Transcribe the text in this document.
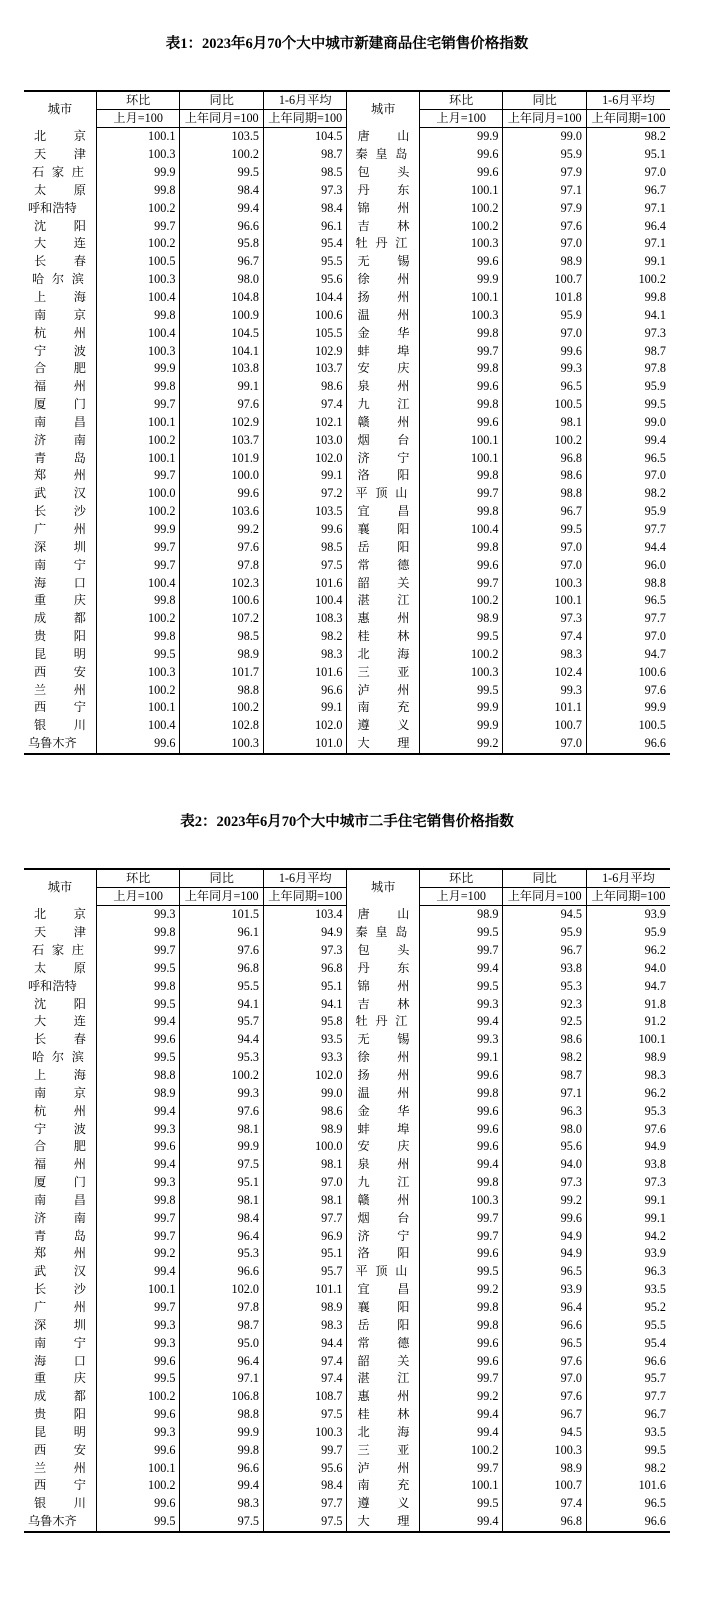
表1：2023年6月70个大中城市新建商品住宅销售价格指数
城市	环比	同比	1-6月平均	城市	环比	同比	1-6月平均
	上月=100	上年同月=100	上年同期=100		上月=100	上年同月=100	上年同期=100
北京	100.1	103.5	104.5	唐山	99.9	99.0	98.2
天津	100.3	100.2	98.7	秦皇岛	99.6	95.9	95.1
石家庄	99.9	99.5	98.5	包头	99.6	97.9	97.0
太原	99.8	98.4	97.3	丹东	100.1	97.1	96.7
呼和浩特	100.2	99.4	98.4	锦州	100.2	97.9	97.1
沈阳	99.7	96.6	96.1	吉林	100.2	97.6	96.4
大连	100.2	95.8	95.4	牡丹江	100.3	97.0	97.1
长春	100.5	96.7	95.5	无锡	99.6	98.9	99.1
哈尔滨	100.3	98.0	95.6	徐州	99.9	100.7	100.2
上海	100.4	104.8	104.4	扬州	100.1	101.8	99.8
南京	99.8	100.9	100.6	温州	100.3	95.9	94.1
杭州	100.4	104.5	105.5	金华	99.8	97.0	97.3
宁波	100.3	104.1	102.9	蚌埠	99.7	99.6	98.7
合肥	99.9	103.8	103.7	安庆	99.8	99.3	97.8
福州	99.8	99.1	98.6	泉州	99.6	96.5	95.9
厦门	99.7	97.6	97.4	九江	99.8	100.5	99.5
南昌	100.1	102.9	102.1	赣州	99.6	98.1	99.0
济南	100.2	103.7	103.0	烟台	100.1	100.2	99.4
青岛	100.1	101.9	102.0	济宁	100.1	96.8	96.5
郑州	99.7	100.0	99.1	洛阳	99.8	98.6	97.0
武汉	100.0	99.6	97.2	平顶山	99.7	98.8	98.2
长沙	100.2	103.6	103.5	宜昌	99.8	96.7	95.9
广州	99.9	99.2	99.6	襄阳	100.4	99.5	97.7
深圳	99.7	97.6	98.5	岳阳	99.8	97.0	94.4
南宁	99.7	97.8	97.5	常德	99.6	97.0	96.0
海口	100.4	102.3	101.6	韶关	99.7	100.3	98.8
重庆	99.8	100.6	100.4	湛江	100.2	100.1	96.5
成都	100.2	107.2	108.3	惠州	98.9	97.3	97.7
贵阳	99.8	98.5	98.2	桂林	99.5	97.4	97.0
昆明	99.5	98.9	98.3	北海	100.2	98.3	94.7
西安	100.3	101.7	101.6	三亚	100.3	102.4	100.6
兰州	100.2	98.8	96.6	泸州	99.5	99.3	97.6
西宁	100.1	100.2	99.1	南充	99.9	101.1	99.9
银川	100.4	102.8	102.0	遵义	99.9	100.7	100.5
乌鲁木齐	99.6	100.3	101.0	大理	99.2	97.0	96.6
表2：2023年6月70个大中城市二手住宅销售价格指数
城市	环比	同比	1-6月平均	城市	环比	同比	1-6月平均
	上月=100	上年同月=100	上年同期=100		上月=100	上年同月=100	上年同期=100
北京	99.3	101.5	103.4	唐山	98.9	94.5	93.9
天津	99.8	96.1	94.9	秦皇岛	99.5	95.9	95.9
石家庄	99.7	97.6	97.3	包头	99.7	96.7	96.2
太原	99.5	96.8	96.8	丹东	99.4	93.8	94.0
呼和浩特	99.8	95.5	95.1	锦州	99.5	95.3	94.7
沈阳	99.5	94.1	94.1	吉林	99.3	92.3	91.8
大连	99.4	95.7	95.8	牡丹江	99.4	92.5	91.2
长春	99.6	94.4	93.5	无锡	99.3	98.6	100.1
哈尔滨	99.5	95.3	93.3	徐州	99.1	98.2	98.9
上海	98.8	100.2	102.0	扬州	99.6	98.7	98.3
南京	98.9	99.3	99.0	温州	99.8	97.1	96.2
杭州	99.4	97.6	98.6	金华	99.6	96.3	95.3
宁波	99.3	98.1	98.9	蚌埠	99.6	98.0	97.6
合肥	99.6	99.9	100.0	安庆	99.6	95.6	94.9
福州	99.4	97.5	98.1	泉州	99.4	94.0	93.8
厦门	99.3	95.1	97.0	九江	99.8	97.3	97.3
南昌	99.8	98.1	98.1	赣州	100.3	99.2	99.1
济南	99.7	98.4	97.7	烟台	99.7	99.6	99.1
青岛	99.7	96.4	96.9	济宁	99.7	94.9	94.2
郑州	99.2	95.3	95.1	洛阳	99.6	94.9	93.9
武汉	99.4	96.6	95.7	平顶山	99.5	96.5	96.3
长沙	100.1	102.0	101.1	宜昌	99.2	93.9	93.5
广州	99.7	97.8	98.9	襄阳	99.8	96.4	95.2
深圳	99.3	98.7	98.3	岳阳	99.8	96.6	95.5
南宁	99.3	95.0	94.4	常德	99.6	96.5	95.4
海口	99.6	96.4	97.4	韶关	99.6	97.6	96.6
重庆	99.5	97.1	97.4	湛江	99.7	97.0	95.7
成都	100.2	106.8	108.7	惠州	99.2	97.6	97.7
贵阳	99.6	98.8	97.5	桂林	99.4	96.7	96.7
昆明	99.3	99.9	100.3	北海	99.4	94.5	93.5
西安	99.6	99.8	99.7	三亚	100.2	100.3	99.5
兰州	100.1	96.6	95.6	泸州	99.7	98.9	98.2
西宁	100.2	99.4	98.4	南充	100.1	100.7	101.6
银川	99.6	98.3	97.7	遵义	99.5	97.4	96.5
乌鲁木齐	99.5	97.5	97.5	大理	99.4	96.8	96.6
